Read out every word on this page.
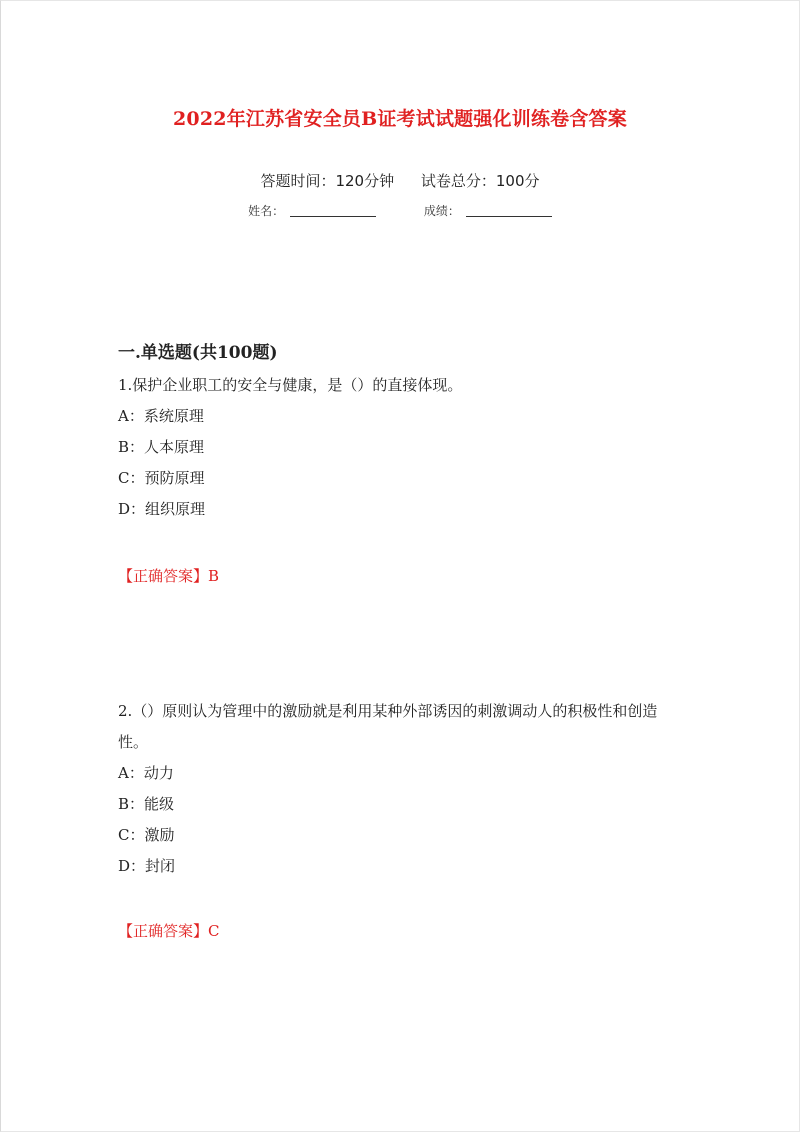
2022年江苏省安全员B证考试试题强化训练卷含答案
答题时间：120分钟 试卷总分：100分
姓名：	成绩：
一.单选题(共100题)

1.保护企业职工的安全与健康，是（）的直接体现。

A：系统原理

B：人本原理

C：预防原理

D：组织原理

【正确答案】B

2.（）原则认为管理中的激励就是利用某种外部诱因的刺激调动人的积极性和创造性。

A：动力

B：能级

C：激励

D：封闭

【正确答案】C
